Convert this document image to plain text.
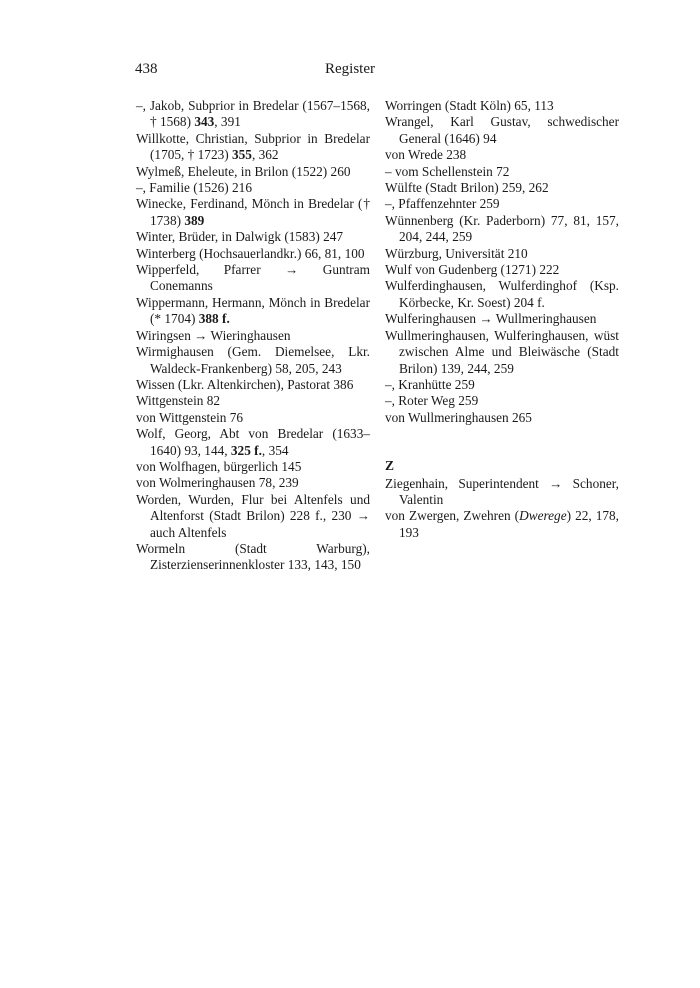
438	Register

–, Jakob, Subprior in Bredelar (1567–1568, † 1568) 343, 391

Willkotte, Christian, Subprior in Bredelar (1705, † 1723) 355, 362

Wylmeß, Eheleute, in Brilon (1522) 260

–, Familie (1526) 216

Winecke, Ferdinand, Mönch in Bredelar († 1738) 389

Winter, Brüder, in Dalwigk (1583) 247

Winterberg (Hochsauerlandkr.) 66, 81, 100

Wipperfeld, Pfarrer → Guntram Conemanns

Wippermann, Hermann, Mönch in Bredelar (* 1704) 388 f.

Wiringsen → Wieringhausen

Wirmighausen (Gem. Diemelsee, Lkr. Waldeck-Frankenberg) 58, 205, 243

Wissen (Lkr. Altenkirchen), Pastorat 386

Wittgenstein 82

von Wittgenstein 76

Wolf, Georg, Abt von Bredelar (1633–1640) 93, 144, 325 f., 354

von Wolfhagen, bürgerlich 145

von Wolmeringhausen 78, 239

Worden, Wurden, Flur bei Altenfels und Altenforst (Stadt Brilon) 228 f., 230 → auch Altenfels

Wormeln (Stadt Warburg), Zisterzienserinnenkloster 133, 143, 150

Worringen (Stadt Köln) 65, 113

Wrangel, Karl Gustav, schwedischer General (1646) 94

von Wrede 238

– vom Schellenstein 72

Wülfte (Stadt Brilon) 259, 262

–, Pfaffenzehnter 259

Wünnenberg (Kr. Paderborn) 77, 81, 157, 204, 244, 259

Würzburg, Universität 210

Wulf von Gudenberg (1271) 222

Wulferdinghausen, Wulferdinghof (Ksp. Körbecke, Kr. Soest) 204 f.

Wulferinghausen → Wullmeringhausen

Wullmeringhausen, Wulferinghausen, wüst zwischen Alme und Bleiwäsche (Stadt Brilon) 139, 244, 259

–, Kranhütte 259

–, Roter Weg 259

von Wullmeringhausen 265

Z

Ziegenhain, Superintendent → Schoner, Valentin

von Zwergen, Zwehren (Dwerege) 22, 178, 193
